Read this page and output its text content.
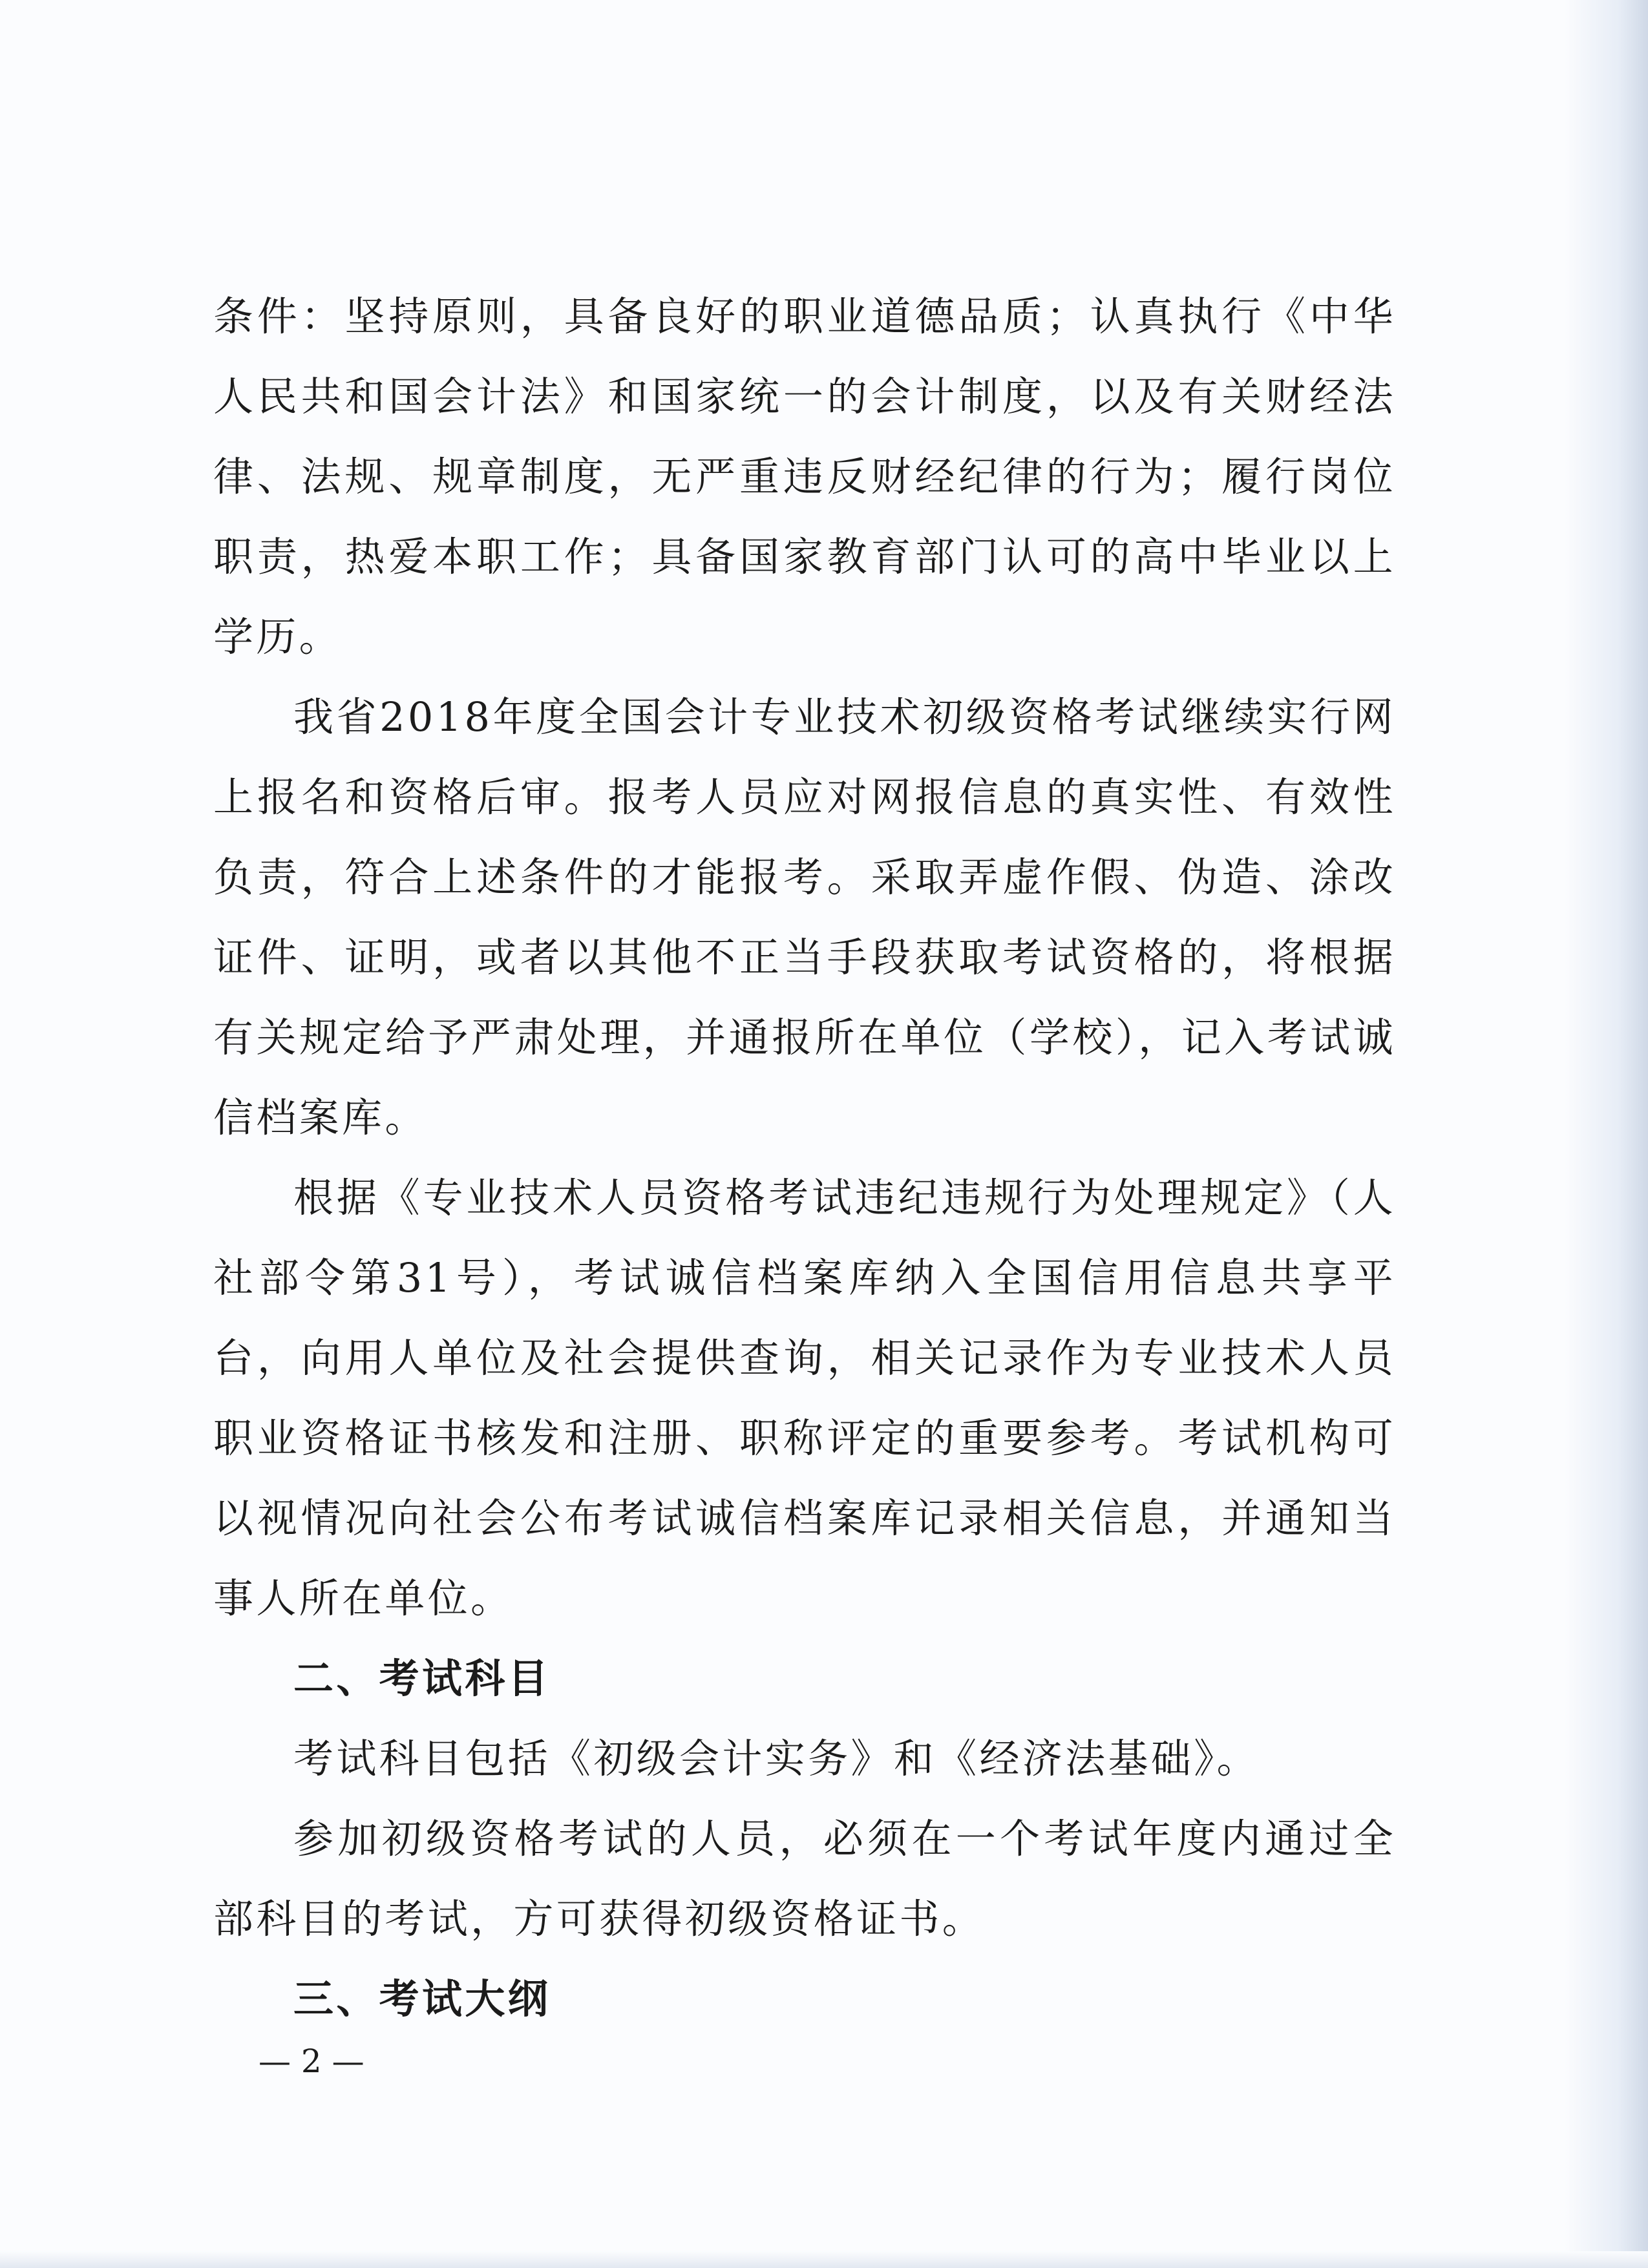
条件：坚持原则，具备良好的职业道德品质；认真执行《中华人民共和国会计法》和国家统一的会计制度，以及有关财经法律、法规、规章制度，无严重违反财经纪律的行为；履行岗位职责，热爱本职工作；具备国家教育部门认可的高中毕业以上学历。

我省2018年度全国会计专业技术初级资格考试继续实行网上报名和资格后审。报考人员应对网报信息的真实性、有效性负责，符合上述条件的才能报考。采取弄虚作假、伪造、涂改证件、证明，或者以其他不正当手段获取考试资格的，将根据有关规定给予严肃处理，并通报所在单位（学校），记入考试诚信档案库。

根据《专业技术人员资格考试违纪违规行为处理规定》（人社部令第31号），考试诚信档案库纳入全国信用信息共享平台，向用人单位及社会提供查询，相关记录作为专业技术人员职业资格证书核发和注册、职称评定的重要参考。考试机构可以视情况向社会公布考试诚信档案库记录相关信息，并通知当事人所在单位。

二、考试科目

考试科目包括《初级会计实务》和《经济法基础》。

参加初级资格考试的人员，必须在一个考试年度内通过全部科目的考试，方可获得初级资格证书。

三、考试大纲

— 2 —
